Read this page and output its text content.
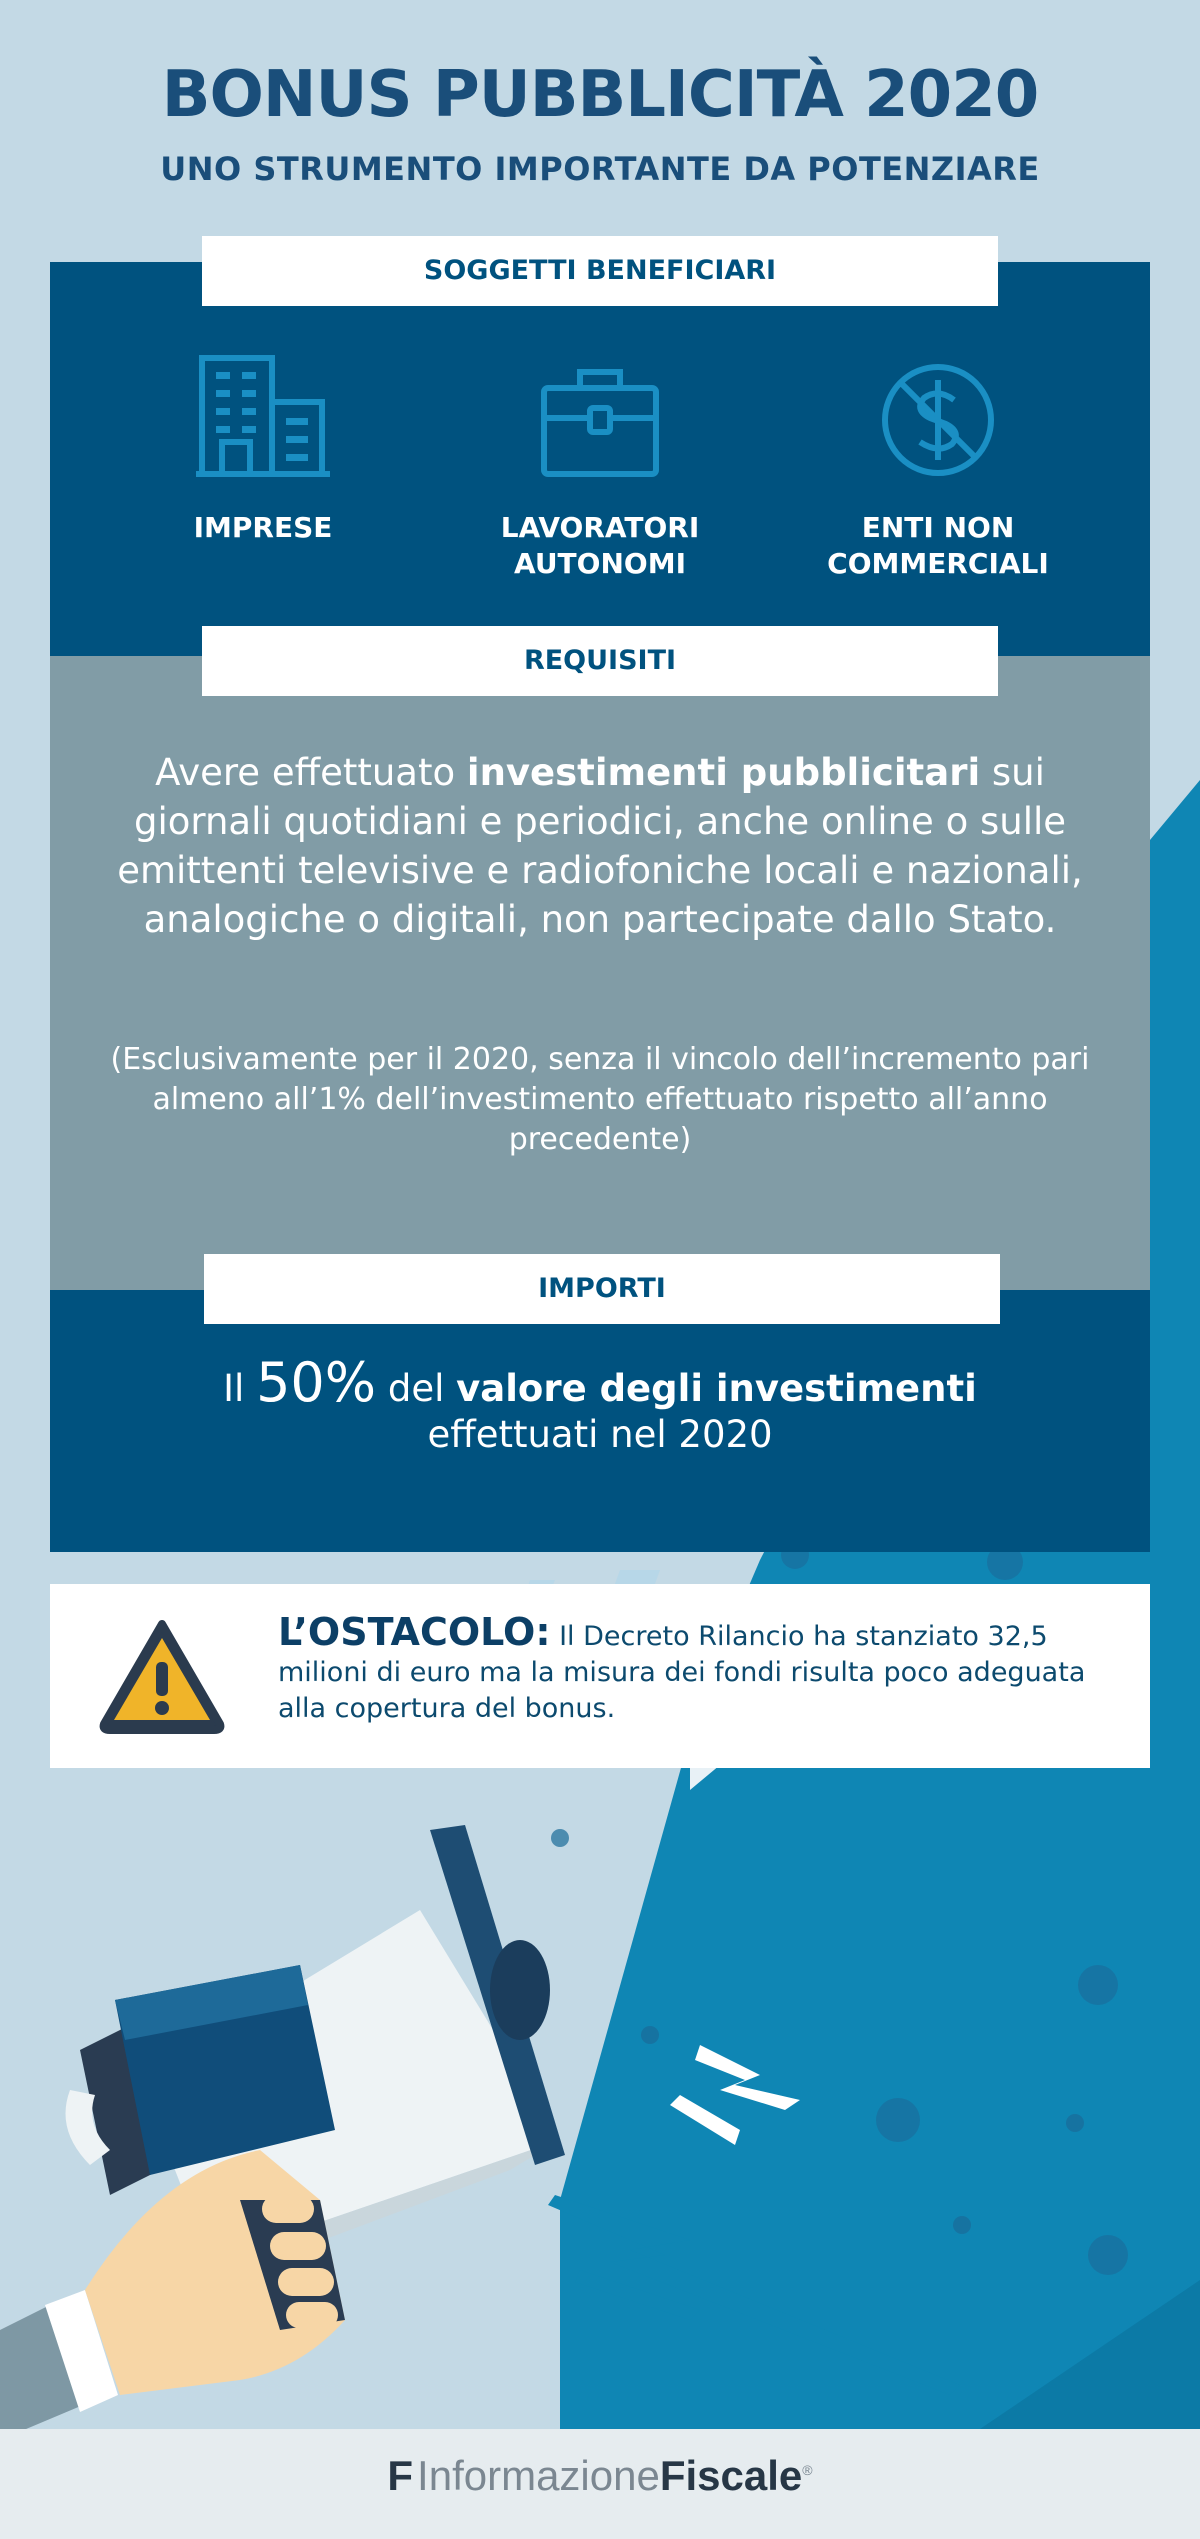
BONUS PUBBLICITÀ 2020
UNO STRUMENTO IMPORTANTE DA POTENZIARE
SOGGETTI BENEFICIARI
REQUISITI
IMPORTI
IMPRESE	LAVORATORI
AUTONOMI
ENTI NON
COMMERCIALI
Avere effettuato investimenti pubblicitari sui giornali quotidiani e periodici, anche online o sulle emittenti televisive e radiofoniche locali e nazionali, analogiche o digitali, non partecipate dallo Stato.
(Esclusivamente per il 2020, senza il vincolo dell’incremento pari almeno all’1% dell’investimento effettuato rispetto all’anno precedente)
Il 50% del valore degli investimenti
effettuati nel 2020
L’OSTACOLO: Il Decreto Rilancio ha stanziato 32,5 milioni di euro ma la misura dei fondi risulta poco adeguata alla copertura del bonus.
FInformazioneFiscale®
